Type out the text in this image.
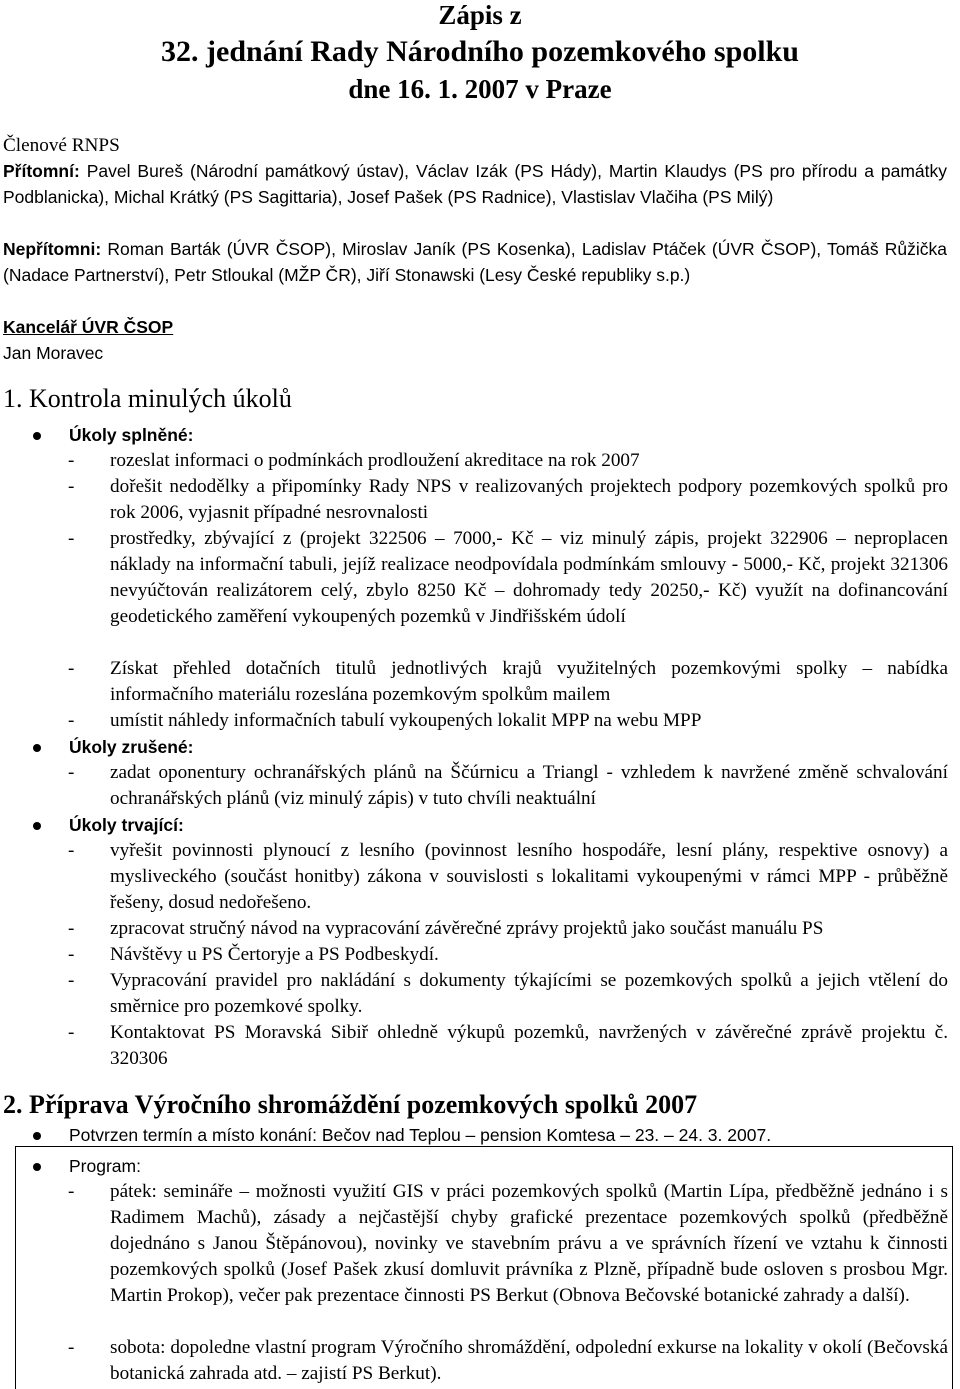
Zápis z
32. jednání Rady Národního pozemkového spolku
dne 16. 1. 2007 v Praze
Členové RNPS
Přítomní: Pavel Bureš (Národní památkový ústav), Václav Izák (PS Hády), Martin Klaudys (PS pro přírodu a památky Podblanicka), Michal Krátký (PS Sagittaria), Josef Pašek (PS Radnice), Vlastislav Vlačiha (PS Milý)
Nepřítomni: Roman Barták (ÚVR ČSOP), Miroslav Janík (PS Kosenka), Ladislav Ptáček (ÚVR ČSOP), Tomáš Růžička (Nadace Partnerství), Petr Stloukal (MŽP ČR), Jiří Stonawski (Lesy České republiky s.p.)
Kancelář ÚVR ČSOP
Jan Moravec
1. Kontrola minulých úkolů
Úkoly splněné:
- rozeslat informaci o podmínkách prodloužení akreditace na rok 2007
- dořešit nedodělky a připomínky Rady NPS v realizovaných projektech podpory pozemkových spolků pro rok 2006, vyjasnit případné nesrovnalosti
- prostředky, zbývající z (projekt 322506 – 7000,- Kč – viz minulý zápis, projekt 322906 – neproplacen náklady na informační tabuli, jejíž realizace neodpovídala podmínkám smlouvy - 5000,- Kč, projekt 321306 nevyúčtován realizátorem celý, zbylo 8250 Kč – dohromady tedy 20250,- Kč) využít na dofinancování geodetického zaměření vykoupených pozemků v Jindřišském údolí
- Získat přehled dotačních titulů jednotlivých krajů využitelných pozemkovými spolky – nabídka informačního materiálu rozeslána pozemkovým spolkům mailem
- umístit náhledy informačních tabulí vykoupených lokalit MPP na webu MPP
Úkoly zrušené:
- zadat oponentury ochranářských plánů na Ščúrnicu a Triangl - vzhledem k navržené změně schvalování ochranářských plánů (viz minulý zápis) v tuto chvíli neaktuální
Úkoly trvající:
- vyřešit povinnosti plynoucí z lesního (povinnost lesního hospodáře, lesní plány, respektive osnovy) a mysliveckého (součást honitby) zákona v souvislosti s lokalitami vykoupenými v rámci MPP - průběžně řešeny, dosud nedořešeno.
- zpracovat stručný návod na vypracování závěrečné zprávy projektů jako součást manuálu PS
- Návštěvy u PS Čertoryje a PS Podbeskydí.
- Vypracování pravidel pro nakládání s dokumenty týkajícími se pozemkových spolků a jejich vtělení do směrnice pro pozemkové spolky.
- Kontaktovat PS Moravská Sibiř ohledně výkupů pozemků, navržených v závěrečné zprávě projektu č. 320306
2. Příprava Výročního shromáždění pozemkových spolků 2007
Potvrzen termín a místo konání: Bečov nad Teplou – pension Komtesa – 23. – 24. 3. 2007.
Program:
- pátek: semináře – možnosti využití GIS v práci pozemkových spolků (Martin Lípa, předběžně jednáno i s Radimem Machů), zásady a nejčastější chyby grafické prezentace pozemkových spolků (předběžně dojednáno s Janou Štěpánovou), novinky ve stavebním právu a ve správních řízení ve vztahu k činnosti pozemkových spolků (Josef Pašek zkusí domluvit právníka z Plzně, případně bude osloven s prosbou Mgr. Martin Prokop), večer pak prezentace činnosti PS Berkut (Obnova Bečovské botanické zahrady a další).
- sobota: dopoledne vlastní program Výročního shromáždění, odpolední exkurse na lokality v okolí (Bečovská botanická zahrada atd. – zajistí PS Berkut).
